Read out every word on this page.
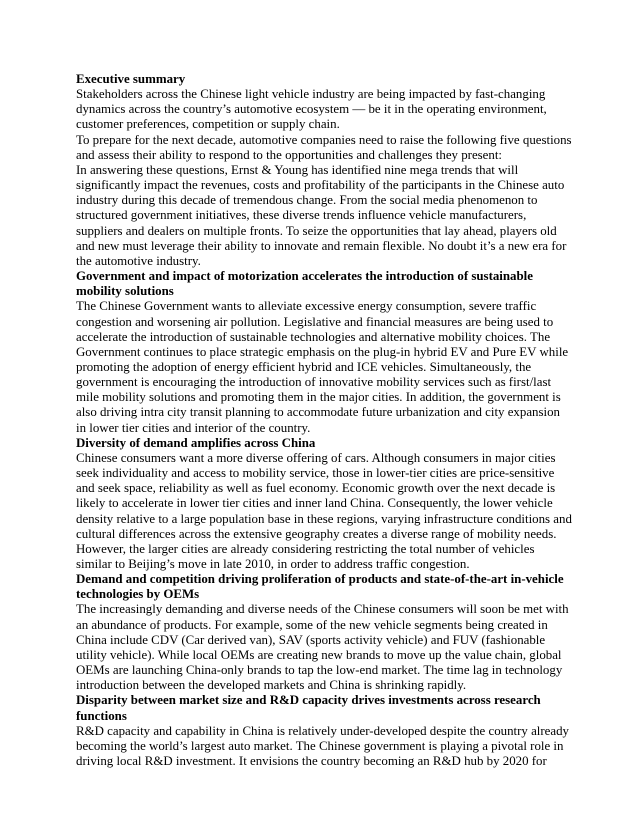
Executive summary

Stakeholders across the Chinese light vehicle industry are being impacted by fast-changing dynamics across the country’s automotive ecosystem — be it in the operating environment, customer preferences, competition or supply chain.

To prepare for the next decade, automotive companies need to raise the following five questions and assess their ability to respond to the opportunities and challenges they present:

In answering these questions, Ernst & Young has identified nine mega trends that will significantly impact the revenues, costs and profitability of the participants in the Chinese auto industry during this decade of tremendous change. From the social media phenomenon to structured government initiatives, these diverse trends influence vehicle manufacturers, suppliers and dealers on multiple fronts. To seize the opportunities that lay ahead, players old and new must leverage their ability to innovate and remain flexible. No doubt it’s a new era for the automotive industry.

Government and impact of motorization accelerates the introduction of sustainable mobility solutions

The Chinese Government wants to alleviate excessive energy consumption, severe traffic congestion and worsening air pollution. Legislative and financial measures are being used to accelerate the introduction of sustainable technologies and alternative mobility choices. The Government continues to place strategic emphasis on the plug-in hybrid EV and Pure EV while promoting the adoption of energy efficient hybrid and ICE vehicles. Simultaneously, the government is encouraging the introduction of innovative mobility services such as first/last mile mobility solutions and promoting them in the major cities. In addition, the government is also driving intra city transit planning to accommodate future urbanization and city expansion in lower tier cities and interior of the country.

Diversity of demand amplifies across China

Chinese consumers want a more diverse offering of cars. Although consumers in major cities seek individuality and access to mobility service, those in lower-tier cities are price-sensitive and seek space, reliability as well as fuel economy. Economic growth over the next decade is likely to accelerate in lower tier cities and inner land China. Consequently, the lower vehicle density relative to a large population base in these regions, varying infrastructure conditions and cultural differences across the extensive geography creates a diverse range of mobility needs. However, the larger cities are already considering restricting the total number of vehicles similar to Beijing’s move in late 2010, in order to address traffic congestion.

Demand and competition driving proliferation of products and state-of-the-art in-vehicle technologies by OEMs

The increasingly demanding and diverse needs of the Chinese consumers will soon be met with an abundance of products. For example, some of the new vehicle segments being created in China include CDV (Car derived van), SAV (sports activity vehicle) and FUV (fashionable utility vehicle). While local OEMs are creating new brands to move up the value chain, global OEMs are launching China-only brands to tap the low-end market. The time lag in technology introduction between the developed markets and China is shrinking rapidly.

Disparity between market size and R&D capacity drives investments across research functions

R&D capacity and capability in China is relatively under-developed despite the country already becoming the world’s largest auto market. The Chinese government is playing a pivotal role in driving local R&D investment. It envisions the country becoming an R&D hub by 2020 for
